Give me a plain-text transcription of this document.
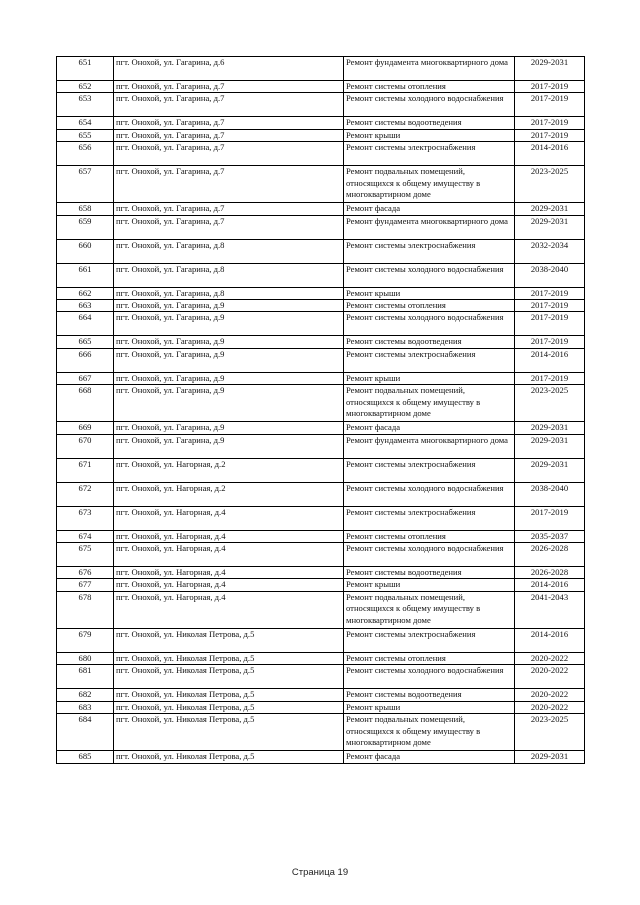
651	пгт. Онохой, ул. Гагарина, д.6	Ремонт фундамента многоквартирного дома	2029-2031
652	пгт. Онохой, ул. Гагарина, д.7	Ремонт системы отопления	2017-2019
653	пгт. Онохой, ул. Гагарина, д.7	Ремонт системы холодного водоснабжения	2017-2019
654	пгт. Онохой, ул. Гагарина, д.7	Ремонт системы водоотведения	2017-2019
655	пгт. Онохой, ул. Гагарина, д.7	Ремонт крыши	2017-2019
656	пгт. Онохой, ул. Гагарина, д.7	Ремонт системы электроснабжения	2014-2016
657	пгт. Онохой, ул. Гагарина, д.7	Ремонт подвальных помещений, относящихся к общему имуществу в многоквартирном доме	2023-2025
658	пгт. Онохой, ул. Гагарина, д.7	Ремонт фасада	2029-2031
659	пгт. Онохой, ул. Гагарина, д.7	Ремонт фундамента многоквартирного дома	2029-2031
660	пгт. Онохой, ул. Гагарина, д.8	Ремонт системы электроснабжения	2032-2034
661	пгт. Онохой, ул. Гагарина, д.8	Ремонт системы холодного водоснабжения	2038-2040
662	пгт. Онохой, ул. Гагарина, д.8	Ремонт крыши	2017-2019
663	пгт. Онохой, ул. Гагарина, д.9	Ремонт системы отопления	2017-2019
664	пгт. Онохой, ул. Гагарина, д.9	Ремонт системы холодного водоснабжения	2017-2019
665	пгт. Онохой, ул. Гагарина, д.9	Ремонт системы водоотведения	2017-2019
666	пгт. Онохой, ул. Гагарина, д.9	Ремонт системы электроснабжения	2014-2016
667	пгт. Онохой, ул. Гагарина, д.9	Ремонт крыши	2017-2019
668	пгт. Онохой, ул. Гагарина, д.9	Ремонт подвальных помещений, относящихся к общему имуществу в многоквартирном доме	2023-2025
669	пгт. Онохой, ул. Гагарина, д.9	Ремонт фасада	2029-2031
670	пгт. Онохой, ул. Гагарина, д.9	Ремонт фундамента многоквартирного дома	2029-2031
671	пгт. Онохой, ул. Нагорная, д.2	Ремонт системы электроснабжения	2029-2031
672	пгт. Онохой, ул. Нагорная, д.2	Ремонт системы холодного водоснабжения	2038-2040
673	пгт. Онохой, ул. Нагорная, д.4	Ремонт системы электроснабжения	2017-2019
674	пгт. Онохой, ул. Нагорная, д.4	Ремонт системы отопления	2035-2037
675	пгт. Онохой, ул. Нагорная, д.4	Ремонт системы холодного водоснабжения	2026-2028
676	пгт. Онохой, ул. Нагорная, д.4	Ремонт системы водоотведения	2026-2028
677	пгт. Онохой, ул. Нагорная, д.4	Ремонт крыши	2014-2016
678	пгт. Онохой, ул. Нагорная, д.4	Ремонт подвальных помещений, относящихся к общему имуществу в многоквартирном доме	2041-2043
679	пгт. Онохой, ул. Николая Петрова, д.5	Ремонт системы электроснабжения	2014-2016
680	пгт. Онохой, ул. Николая Петрова, д.5	Ремонт системы отопления	2020-2022
681	пгт. Онохой, ул. Николая Петрова, д.5	Ремонт системы холодного водоснабжения	2020-2022
682	пгт. Онохой, ул. Николая Петрова, д.5	Ремонт системы водоотведения	2020-2022
683	пгт. Онохой, ул. Николая Петрова, д.5	Ремонт крыши	2020-2022
684	пгт. Онохой, ул. Николая Петрова, д.5	Ремонт подвальных помещений, относящихся к общему имуществу в многоквартирном доме	2023-2025
685	пгт. Онохой, ул. Николая Петрова, д.5	Ремонт фасада	2029-2031
Страница 19
